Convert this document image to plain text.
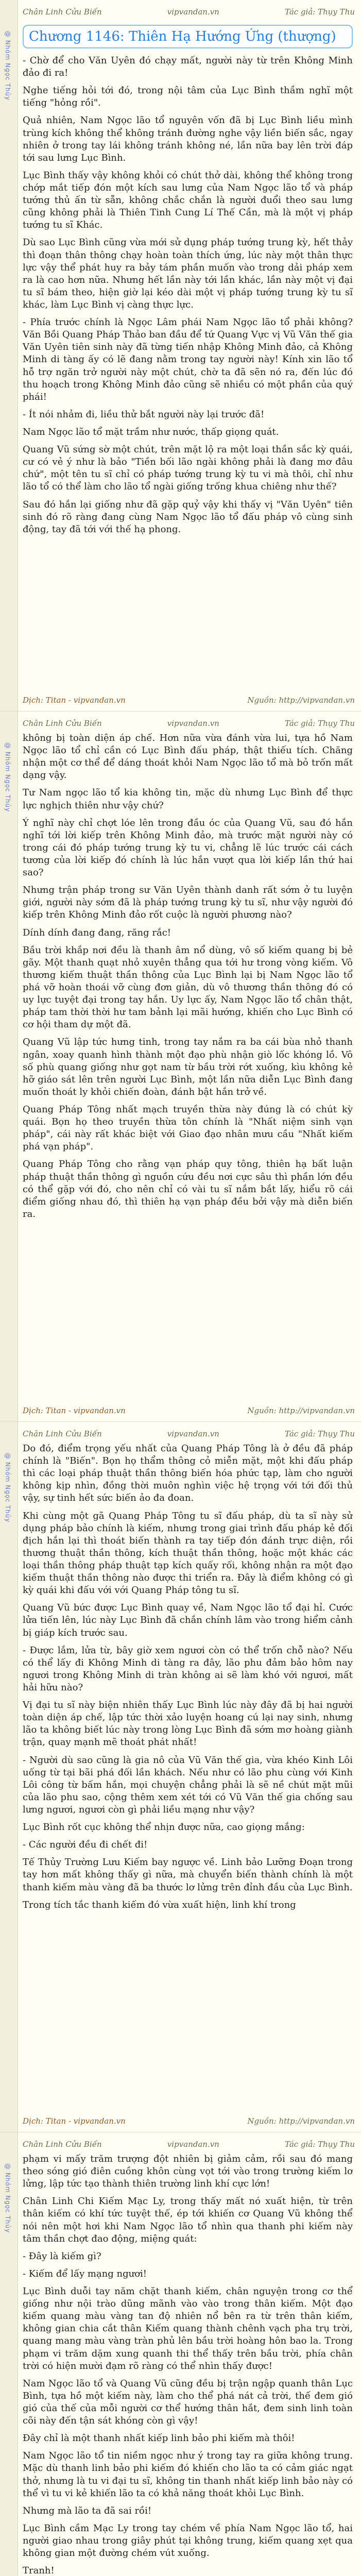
@ Nhóm Ngọc Thủy
Chân Linh Cửu Biến	vipvandan.vn	Tác giả: Thụy Thu
Chương 1146: Thiên Hạ Hướng Ứng (thượng)

- Chờ để cho Văn Uyên đó chạy mất, người này từ trên Không Minh đảo đi ra!

Nghe tiếng hỏi tới đó, trong nội tâm của Lục Bình thầm nghĩ một tiếng "hỏng rồi".

Quả nhiên, Nam Ngọc lão tổ nguyên vốn đã bị Lục Bình liều mình trùng kích không thể không tránh đường nghe vậy liền biến sắc, ngay nhiên ở trong tay lái không tránh không né, lần nữa bay lên trời đáp tới sau lưng Lục Bình.

Lục Bình thấy vậy không khỏi có chút thở dài, không thể không trong chớp mắt tiếp đón một kích sau lưng của Nam Ngọc lão tổ và pháp tướng thủ ấn từ sẵn, không chắc chắn là người đuổi theo sau lưng cũng không phải là Thiên Tinh Cung Lí Thế Cần, mà là một vị pháp tướng tu sĩ Khác.

Dù sao Lục Bình cũng vừa mới sử dụng pháp tướng trung kỳ, hết thảy thì đoạn thân thông chạy hoàn toàn thích ứng, lúc này một thân thực lực vậy thể phát huy ra bảy tám phần muốn vào trong dải pháp xem ra là cao hơn nữa. Nhưng hết lần này tới lần khác, lần này một vị đại tu sĩ bám theo, hiện giờ lại kéo dài một vị pháp tướng trung kỳ tu sĩ khác, làm Lục Bình vị càng thực lực.

- Phía trước chính là Ngọc Lâm phái Nam Ngọc lão tổ phải không? Văn Bồi Quang Pháp Thảo ban đầu để tứ Quang Vực vị Vũ Văn thế gia Văn Uyên tiên sinh này đã từng tiến nhập Không Minh đảo, cả Không Minh di tàng ấy có lẽ đang nằm trong tay người này! Kính xin lão tổ hỗ trợ ngăn trở người này một chút, chờ ta đã sẽn nó ra, đến lúc đó thu hoạch trong Không Minh đảo cũng sẽ nhiều có một phần của quý phái!

- Ít nói nhảm đi, liều thử bắt người này lại trước đã!

Nam Ngọc lão tổ mặt trầm như nước, thấp giọng quát.

Quang Vũ sứng sờ một chút, trên mặt lộ ra một loại thần sắc kỳ quái, cư có vẻ ý như là bảo "Tiền bối lão ngài không phải là đang mơ đâu chứ", một tên tu sĩ chỉ có pháp tướng trung kỳ tu vi mà thôi, chỉ như lão tổ có thể làm cho lão tổ ngài giống trống khua chiêng như thế?

Sau đó hắn lại giống như đã gặp quỷ vậy khi thấy vị "Văn Uyên" tiên sinh đó rõ ràng đang cùng Nam Ngọc lão tổ đấu pháp vô cùng sinh động, tay đã tới với thế hạ phong.

Dịch: Titan - vipvandan.vn	Nguồn: http://vipvandan.vn
@ Nhóm Ngọc Thủy
Chân Linh Cửu Biến	vipvandan.vn	Tác giả: Thụy Thu

không bị toàn diện áp chế. Hơn nữa vừa đánh vừa lui, tựa hồ Nam Ngọc lão tổ chỉ cần có Lục Bình đấu pháp, thật thiếu tích. Chăng nhận một cơ thể để dáng thoát khỏi Nam Ngọc lão tổ mà bỏ trốn mất dạng vậy.

Tư Nam ngọc lão tổ kia không tin, mặc dù nhưng Lục Bình để thực lực nghịch thiên như vậy chứ?

Ý nghĩ này chỉ chợt lóe lên trong đầu óc của Quang Vũ, sau đó hắn nghĩ tới lời kiếp trên Không Minh đảo, mà trước mặt người này có trong cái đó pháp tướng trung kỳ tu vi, chẳng lẽ lúc trước cái cách tương của lời kiếp đó chính là lúc hắn vượt qua lời kiếp lần thứ hai sao?

Nhưng trận pháp trong sư Văn Uyên thành danh rất sớm ở tu luyện giới, người này sớm đã là pháp tướng trung kỳ tu sĩ, như vậy người đó kiếp trên Không Minh đảo rốt cuộc là người phương nào?

Dính dính đang đang, răng rắc!

Bầu trời khắp nơi đều là thanh âm nổ dùng, vô số kiếm quang bị bẻ gãy. Một thanh quạt nhỏ xuyên thẳng qua tới hư trong vòng kiếm. Vô thương kiếm thuật thần thông của Lục Bình lại bị Nam Ngọc lão tổ phá vỡ hoàn thoái vỡ cùng đơn giản, dù vô thương thần thông đó có uy lực tuyệt đại trong tay hắn. Uy lực ấy, Nam Ngọc lão tổ chân thật, pháp tam thời thời hư tam bảnh lại mãi hướng, khiến cho Lục Bình có cơ hội tham dự một đã.

Quang Vũ lập tức hưng tinh, trong tay nắm ra ba cái bùa nhỏ thanh ngân, xoay quanh hình thành một đạo phù nhận giò lốc khóng lồ. Vô số phù quang giống như gọt nam từ bầu trời rớt xuống, kìu không kẻ hỡ giáo sát lên trên người Lục Bình, một lần nữa diễn Lục Bình đang muốn thoát ly khỏi chiến đoàn, đánh bật hắn trở về.

Quang Pháp Tông nhất mạch truyền thừa này đúng là có chút kỳ quái. Bọn họ theo truyền thừa tôn chính là "Nhất niệm sinh vạn pháp", cái này rất khác biệt với Giao đạo nhân mưu cầu "Nhất kiếm phá vạn pháp".

Quang Pháp Tông cho rằng vạn pháp quy tông, thiên hạ bất luận pháp thuật thần thông gì nguồn cứu đều nơi cực sâu thì phần lớn đều có thể gặp với đó, cho nên chỉ có vài tu sĩ nắm bắt lấy, hiểu rõ cái điểm giống nhau đó, thì thiên hạ vạn pháp đều bởi vậy mà diễn biến ra.

Dịch: Titan - vipvandan.vn	Nguồn: http://vipvandan.vn
@ Nhóm Ngọc Thủy
Chân Linh Cửu Biến	vipvandan.vn	Tác giả: Thụy Thu

Do đó, điểm trọng yếu nhất của Quang Pháp Tông là ở đều đã pháp chính là "Biến". Bọn họ thẩm thông cỏ miễn mặt, một khi đấu pháp thì các loại pháp thuật thần thông biến hóa phức tạp, làm cho người không kịp nhìn, đồng thời muôn nghìn việc hệ trọng với tới đối thủ vậy, sự tinh hết sức biến ảo đa đoan.

Khi cùng một gã Quang Pháp Tông tu sĩ đấu pháp, dù ta sĩ này sử dụng pháp bảo chính là kiếm, nhưng trong giai trình đấu pháp kẻ đối địch hắn lại thì thoát biến thành ra tay tiếp đón đánh trực diện, rồi thương thuật thần thông, kích thuật thần thông, hoặc một khác các loại thần thông pháp thuật tạp kích quấy rối, không nhận ra một đạo kiếm thuật thần thông nào được thi triển ra. Đây là điểm không có gì kỳ quái khi đấu với với Quang Pháp tông tu sĩ.

Quang Vũ bức được Lục Bình quay về, Nam Ngọc lão tổ đại hỉ. Cước lửa tiến lên, lúc này Lục Bình đã chắn chính lâm vào trong hiểm cảnh bị giáp kích trước sau.

- Được lắm, lửa từ, bây giờ xem ngươi còn có thể trốn chỗ nào? Nếu có thể lấy đi Không Minh di tàng ra đây, lão phu đảm bảo hôm nay ngươi trong Không Minh di tràn không ai sẽ làm khó với ngươi, mất hải hữu nào?

Vị đại tu sĩ này biện nhiên thấy Lục Bình lúc này đây đã bị hai người toàn diện áp chế, lập tức thời xảo luyện hoang cú lại nay sinh, nhưng lão ta không biết lúc này trong lòng Lục Bình đã sớm mơ hoàng giành trận, quay mạnh mẽ thoát phát nhất!

- Người dù sao cũng là gia nô của Vũ Văn thế gia, vừa khéo Kinh Lôi uống từ tại bãi phá đối lần khách. Nếu như có lão phu cùng với Kinh Lôi công từ bấm hắn, mọi chuyện chẳng phải là sẽ nề chút mặt mũi của lão phu sao, cộng thêm xem xét tới có Vũ Văn thế gia chống sau lưng ngươi, ngươi còn gì phải liều mạng như vậy?

Lục Bình rốt cục không thể nhịn được nữa, cao giọng mắng:

- Các người đều đi chết đi!

Tế Thủy Trường Lưu Kiếm bay ngược về. Linh bảo Lưỡng Đoạn trong tay hơn mất không thấy gì nữa, mà chuyển biến thành chính là một thanh kiếm màu vàng đã ba thước lơ lửng trên đỉnh đầu của Lục Bình.

Trong tích tắc thanh kiếm đó vừa xuất hiện, linh khí trong

Dịch: Titan - vipvandan.vn	Nguồn: http://vipvandan.vn
@ Nhóm Ngọc Thủy
Chân Linh Cửu Biến	vipvandan.vn	Tác giả: Thụy Thu

phạm vi mấy trăm trượng đột nhiên bị giảm cảm, rồi sau đó mang theo sóng gió điên cuồng khôn cùng vọt tới vào trong trường kiếm lơ lửng, lập tức tạo thành thiên trường linh khí cực lớn!

Chân Linh Chi Kiếm Mạc Ly, trong thấy mất nó xuất hiện, từ trên thân kiếm có khí tức tuyệt thế, ép tới khiến cơ Quang Vũ không thể nói nên một hơi khi Nam Ngọc lão tổ nhìn qua thanh phi kiếm này tâm thần chợt đao động, miệng quát:

- Đây là kiếm gì?

- Kiếm để lấy mạng ngươi!

Lục Bình duỗi tay năm chặt thanh kiếm, chân nguyện trong cơ thể giống như nội trào dũng mãnh vào vào trong thân kiếm. Một đạo kiếm quang màu vàng tan độ nhiên nổ bên ra từ trên thân kiếm, không gian chia cắt thân Kiếm quang thành chênh vạch pha trụ trời, quang mang màu vàng tràn phủ lên bầu trời hoàng hôn bao la. Trong phạm vi trăm dặm xung quanh thi thể thấy trên bầu trời, phía chân trời có hiện mười đạm rõ ràng có thể nhìn thấy được!

Nam Ngọc lão tổ và Quang Vũ cũng đều bị trận ngập quanh thân Lục Bình, tựa hồ một kiếm này, làm cho thể phá nát cả trời, thế đem gió gió của thế của mỗi người cơ thể hướng thân hắt, đem sinh linh toàn cõi này đến tận sát khóng còn gì vậy!

Đây chỉ là một thanh nhất kiếp linh bảo phi kiếm mà thôi!

Nam Ngọc lão tổ tin niềm ngọc như ý trong tay ra giữa không trung. Mặc dù thanh linh bảo phi kiếm đó khiến cho lão ta có cảm giác ngạt thở, nhưng là tu vi đại tu sĩ, không tin thanh nhất kiếp linh bảo này có thể vì tu vi kẻ khiến lão ta có khả năng thoát khỏi Lục Bình.

Nhưng mà lão ta đã sai rồi!

Lục Bình cầm Mạc Ly trong tay chém về phía Nam Ngọc lão tổ, hai người giao nhau trong giây phút tại không trung, kiếm quang xẹt qua không gian một đường chém vút xuống.

Tranh!
